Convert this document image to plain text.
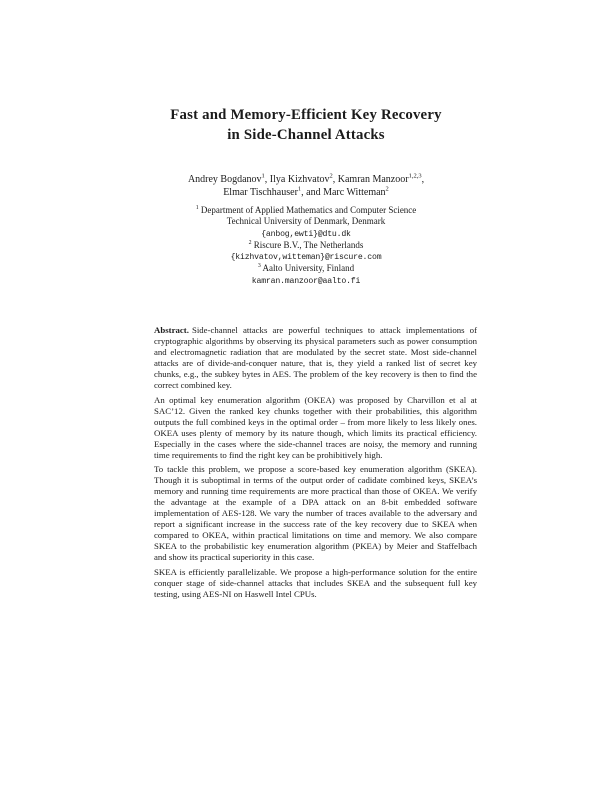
Fast and Memory-Efficient Key Recovery
in Side-Channel Attacks
Andrey Bogdanov$^1$, Ilya Kizhvatov$^2$, Kamran Manzoor$^{1,2,3}$,
Elmar Tischhauser$^1$, and Marc Witteman$^2$
$^1$ Department of Applied Mathematics and Computer Science
Technical University of Denmark, Denmark
{anbog,ewti}@dtu.dk
$^2$ Riscure B.V., The Netherlands
{kizhvatov,witteman}@riscure.com
$^3$ Aalto University, Finland
kamran.manzoor@aalto.fi

Abstract. Side-channel attacks are powerful techniques to attack implementations of cryptographic algorithms by observing its physical parameters such as power consumption and electromagnetic radiation that are modulated by the secret state. Most side-channel attacks are of divide-and-conquer nature, that is, they yield a ranked list of secret key chunks, e.g., the subkey bytes in AES. The problem of the key recovery is then to find the correct combined key.

An optimal key enumeration algorithm (OKEA) was proposed by Charvillon et al at SAC’12. Given the ranked key chunks together with their probabilities, this algorithm outputs the full combined keys in the optimal order – from more likely to less likely ones. OKEA uses plenty of memory by its nature though, which limits its practical efficiency. Especially in the cases where the side-channel traces are noisy, the memory and running time requirements to find the right key can be prohibitively high.

To tackle this problem, we propose a score-based key enumeration algorithm (SKEA). Though it is suboptimal in terms of the output order of cadidate combined keys, SKEA’s memory and running time requirements are more practical than those of OKEA. We verify the advantage at the example of a DPA attack on an 8-bit embedded software implementation of AES-128. We vary the number of traces available to the adversary and report a significant increase in the success rate of the key recovery due to SKEA when compared to OKEA, within practical limitations on time and memory. We also compare SKEA to the probabilistic key enumeration algorithm (PKEA) by Meier and Staffelbach and show its practical superiority in this case.

SKEA is efficiently parallelizable. We propose a high-performance solution for the entire conquer stage of side-channel attacks that includes SKEA and the subsequent full key testing, using AES-NI on Haswell Intel CPUs.
